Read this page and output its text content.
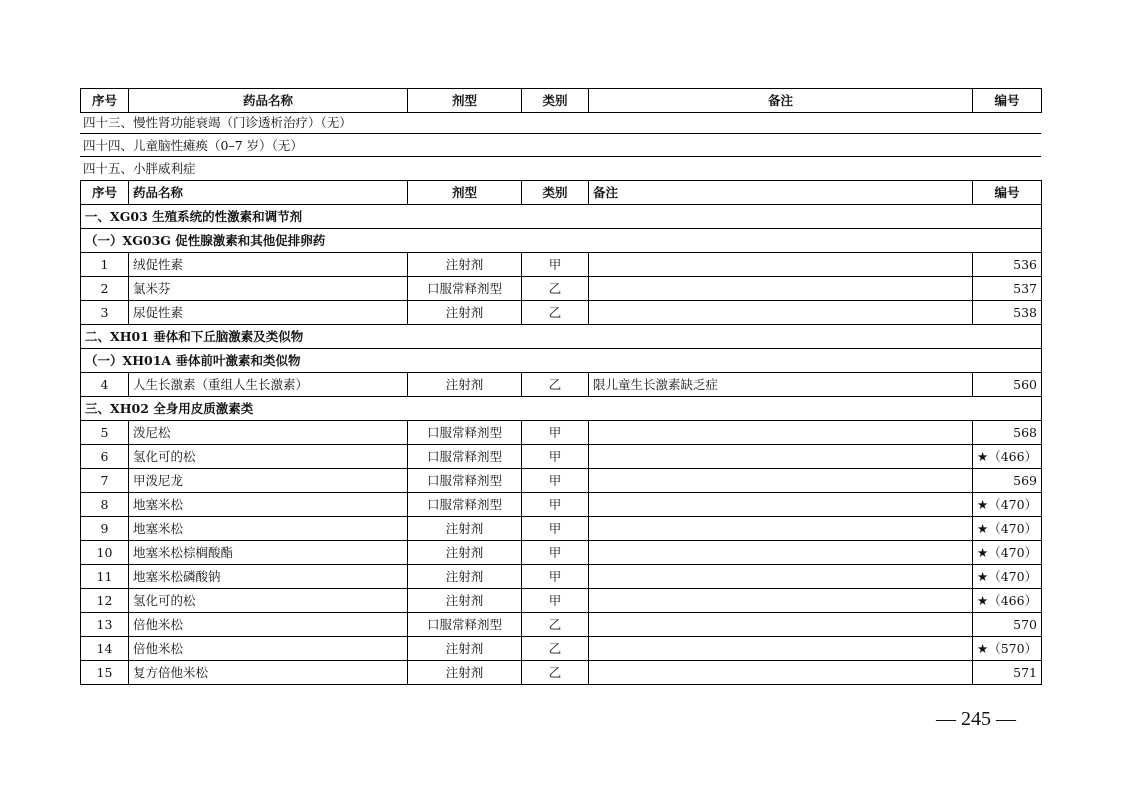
序号	药品名称	剂型	类别	备注	编号
四十三、慢性肾功能衰竭（门诊透析治疗）（无）
四十四、儿童脑性瘫痪（0–7 岁）（无）
四十五、小胖威利症
序号	药品名称	剂型	类别	备注	编号
一、XG03 生殖系统的性激素和调节剂					
（一）XG03G 促性腺激素和其他促排卵药					
1	绒促性素	注射剂	甲		536
2	氯米芬	口服常释剂型	乙		537
3	尿促性素	注射剂	乙		538
二、XH01 垂体和下丘脑激素及类似物					
（一）XH01A 垂体前叶激素和类似物					
4	人生长激素（重组人生长激素）	注射剂	乙	限儿童生长激素缺乏症	560
三、XH02 全身用皮质激素类					
5	泼尼松	口服常释剂型	甲		568
6	氢化可的松	口服常释剂型	甲		★（466）
7	甲泼尼龙	口服常释剂型	甲		569
8	地塞米松	口服常释剂型	甲		★（470）
9	地塞米松	注射剂	甲		★（470）
10	地塞米松棕榈酸酯	注射剂	甲		★（470）
11	地塞米松磷酸钠	注射剂	甲		★（470）
12	氢化可的松	注射剂	甲		★（466）
13	倍他米松	口服常释剂型	乙		570
14	倍他米松	注射剂	乙		★（570）
15	复方倍他米松	注射剂	乙		571
— 245 —
